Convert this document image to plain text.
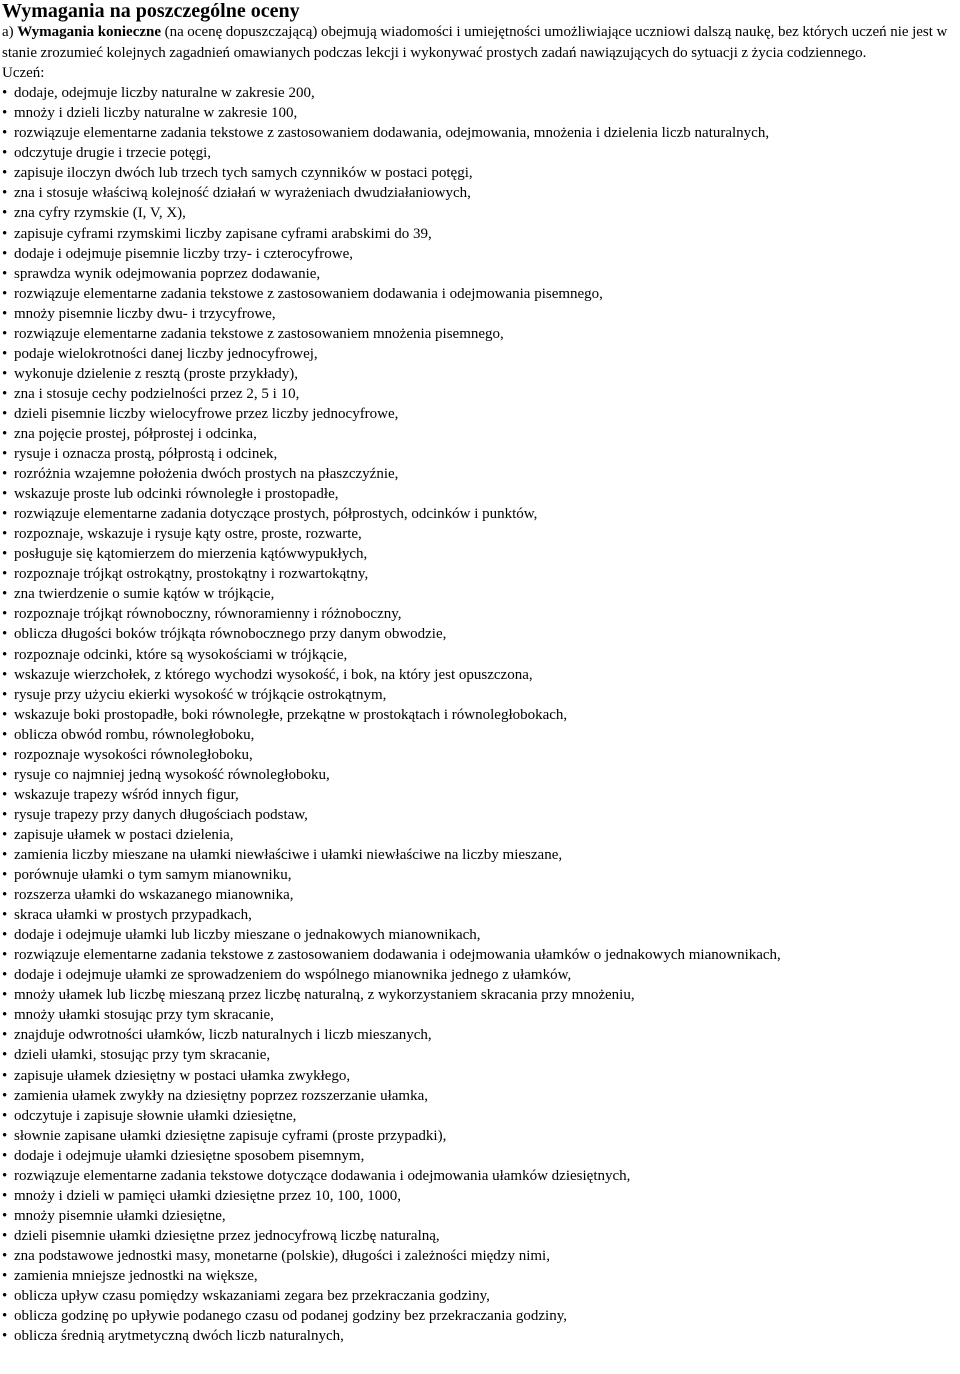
Wymagania na poszczególne oceny

a) Wymagania konieczne (na ocenę dopuszczającą) obejmują wiadomości i umiejętności umożliwiające uczniowi dalszą naukę, bez których uczeń nie jest w stanie zrozumieć kolejnych zagadnień omawianych podczas lekcji i wykonywać prostych zadań nawiązujących do sytuacji z życia codziennego.

Uczeń:

• dodaje, odejmuje liczby naturalne w zakresie 200,
• mnoży i dzieli liczby naturalne w zakresie 100,
• rozwiązuje elementarne zadania tekstowe z zastosowaniem dodawania, odejmowania, mnożenia i dzielenia liczb naturalnych,
• odczytuje drugie i trzecie potęgi,
• zapisuje iloczyn dwóch lub trzech tych samych czynników w postaci potęgi,
• zna i stosuje właściwą kolejność działań w wyrażeniach dwudziałaniowych,
• zna cyfry rzymskie (I, V, X),
• zapisuje cyframi rzymskimi liczby zapisane cyframi arabskimi do 39,
• dodaje i odejmuje pisemnie liczby trzy- i czterocyfrowe,
• sprawdza wynik odejmowania poprzez dodawanie,
• rozwiązuje elementarne zadania tekstowe z zastosowaniem dodawania i odejmowania pisemnego,
• mnoży pisemnie liczby dwu- i trzycyfrowe,
• rozwiązuje elementarne zadania tekstowe z zastosowaniem mnożenia pisemnego,
• podaje wielokrotności danej liczby jednocyfrowej,
• wykonuje dzielenie z resztą (proste przykłady),
• zna i stosuje cechy podzielności przez 2, 5 i 10,
• dzieli pisemnie liczby wielocyfrowe przez liczby jednocyfrowe,
• zna pojęcie prostej, półprostej i odcinka,
• rysuje i oznacza prostą, półprostą i odcinek,
• rozróżnia wzajemne położenia dwóch prostych na płaszczyźnie,
• wskazuje proste lub odcinki równoległe i prostopadłe,
• rozwiązuje elementarne zadania dotyczące prostych, półprostych, odcinków i punktów,
• rozpoznaje, wskazuje i rysuje kąty ostre, proste, rozwarte,
• posługuje się kątomierzem do mierzenia kątówwypukłych,
• rozpoznaje trójkąt ostrokątny, prostokątny i rozwartokątny,
• zna twierdzenie o sumie kątów w trójkącie,
• rozpoznaje trójkąt równoboczny, równoramienny i różnoboczny,
• oblicza długości boków trójkąta równobocznego przy danym obwodzie,
• rozpoznaje odcinki, które są wysokościami w trójkącie,
• wskazuje wierzchołek, z którego wychodzi wysokość, i bok, na który jest opuszczona,
• rysuje przy użyciu ekierki wysokość w trójkącie ostrokątnym,
• wskazuje boki prostopadłe, boki równoległe, przekątne w prostokątach i równoległobokach,
• oblicza obwód rombu, równoległoboku,
• rozpoznaje wysokości równoległoboku,
• rysuje co najmniej jedną wysokość równoległoboku,
• wskazuje trapezy wśród innych figur,
• rysuje trapezy przy danych długościach podstaw,
• zapisuje ułamek w postaci dzielenia,
• zamienia liczby mieszane na ułamki niewłaściwe i ułamki niewłaściwe na liczby mieszane,
• porównuje ułamki o tym samym mianowniku,
• rozszerza ułamki do wskazanego mianownika,
• skraca ułamki w prostych przypadkach,
• dodaje i odejmuje ułamki lub liczby mieszane o jednakowych mianownikach,
• rozwiązuje elementarne zadania tekstowe z zastosowaniem dodawania i odejmowania ułamków o jednakowych mianownikach,
• dodaje i odejmuje ułamki ze sprowadzeniem do wspólnego mianownika jednego z ułamków,
• mnoży ułamek lub liczbę mieszaną przez liczbę naturalną, z wykorzystaniem skracania przy mnożeniu,
• mnoży ułamki stosując przy tym skracanie,
• znajduje odwrotności ułamków, liczb naturalnych i liczb mieszanych,
• dzieli ułamki, stosując przy tym skracanie,
• zapisuje ułamek dziesiętny w postaci ułamka zwykłego,
• zamienia ułamek zwykły na dziesiętny poprzez rozszerzanie ułamka,
• odczytuje i zapisuje słownie ułamki dziesiętne,
• słownie zapisane ułamki dziesiętne zapisuje cyframi (proste przypadki),
• dodaje i odejmuje ułamki dziesiętne sposobem pisemnym,
• rozwiązuje elementarne zadania tekstowe dotyczące dodawania i odejmowania ułamków dziesiętnych,
• mnoży i dzieli w pamięci ułamki dziesiętne przez 10, 100, 1000,
• mnoży pisemnie ułamki dziesiętne,
• dzieli pisemnie ułamki dziesiętne przez jednocyfrową liczbę naturalną,
• zna podstawowe jednostki masy, monetarne (polskie), długości i zależności między nimi,
• zamienia mniejsze jednostki na większe,
• oblicza upływ czasu pomiędzy wskazaniami zegara bez przekraczania godziny,
• oblicza godzinę po upływie podanego czasu od podanej godziny bez przekraczania godziny,
• oblicza średnią arytmetyczną dwóch liczb naturalnych,
